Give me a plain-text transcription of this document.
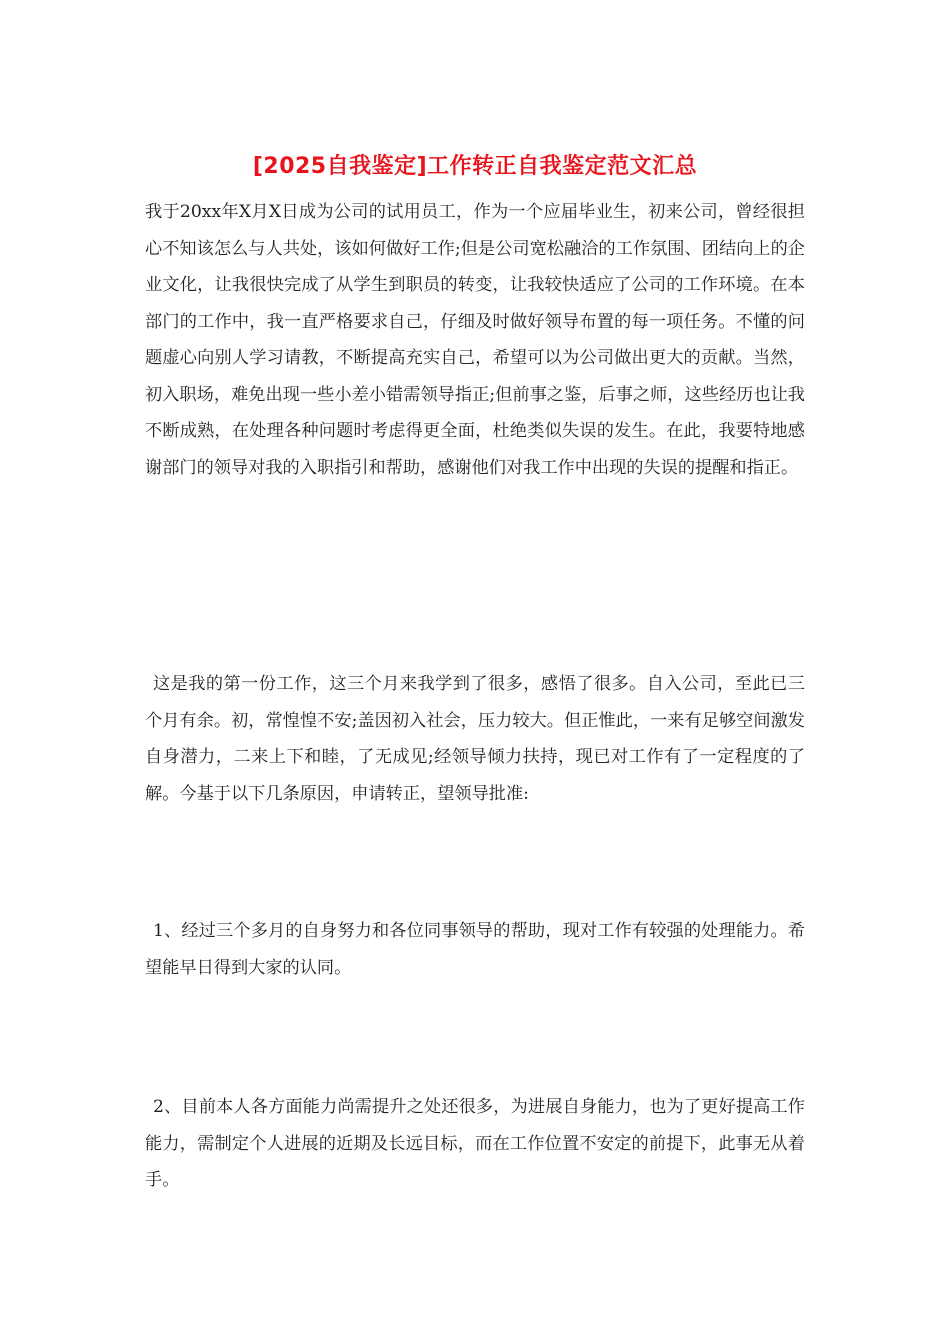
[2025自我鉴定]工作转正自我鉴定范文汇总

我于20xx年X月X日成为公司的试用员工，作为一个应届毕业生，初来公司，曾经很担心不知该怎么与人共处，该如何做好工作;但是公司宽松融洽的工作氛围、团结向上的企业文化，让我很快完成了从学生到职员的转变，让我较快适应了公司的工作环境。在本部门的工作中，我一直严格要求自己，仔细及时做好领导布置的每一项任务。不懂的问题虚心向别人学习请教，不断提高充实自己，希望可以为公司做出更大的贡献。当然，初入职场，难免出现一些小差小错需领导指正;但前事之鉴，后事之师，这些经历也让我不断成熟，在处理各种问题时考虑得更全面，杜绝类似失误的发生。在此，我要特地感谢部门的领导对我的入职指引和帮助，感谢他们对我工作中出现的失误的提醒和指正。

这是我的第一份工作，这三个月来我学到了很多，感悟了很多。自入公司，至此已三个月有余。初，常惶惶不安;盖因初入社会，压力较大。但正惟此，一来有足够空间激发自身潜力，二来上下和睦，了无成见;经领导倾力扶持，现已对工作有了一定程度的了解。今基于以下几条原因，申请转正，望领导批准:

1、经过三个多月的自身努力和各位同事领导的帮助，现对工作有较强的处理能力。希望能早日得到大家的认同。

2、目前本人各方面能力尚需提升之处还很多，为进展自身能力，也为了更好提高工作能力，需制定个人进展的近期及长远目标，而在工作位置不安定的前提下，此事无从着手。
